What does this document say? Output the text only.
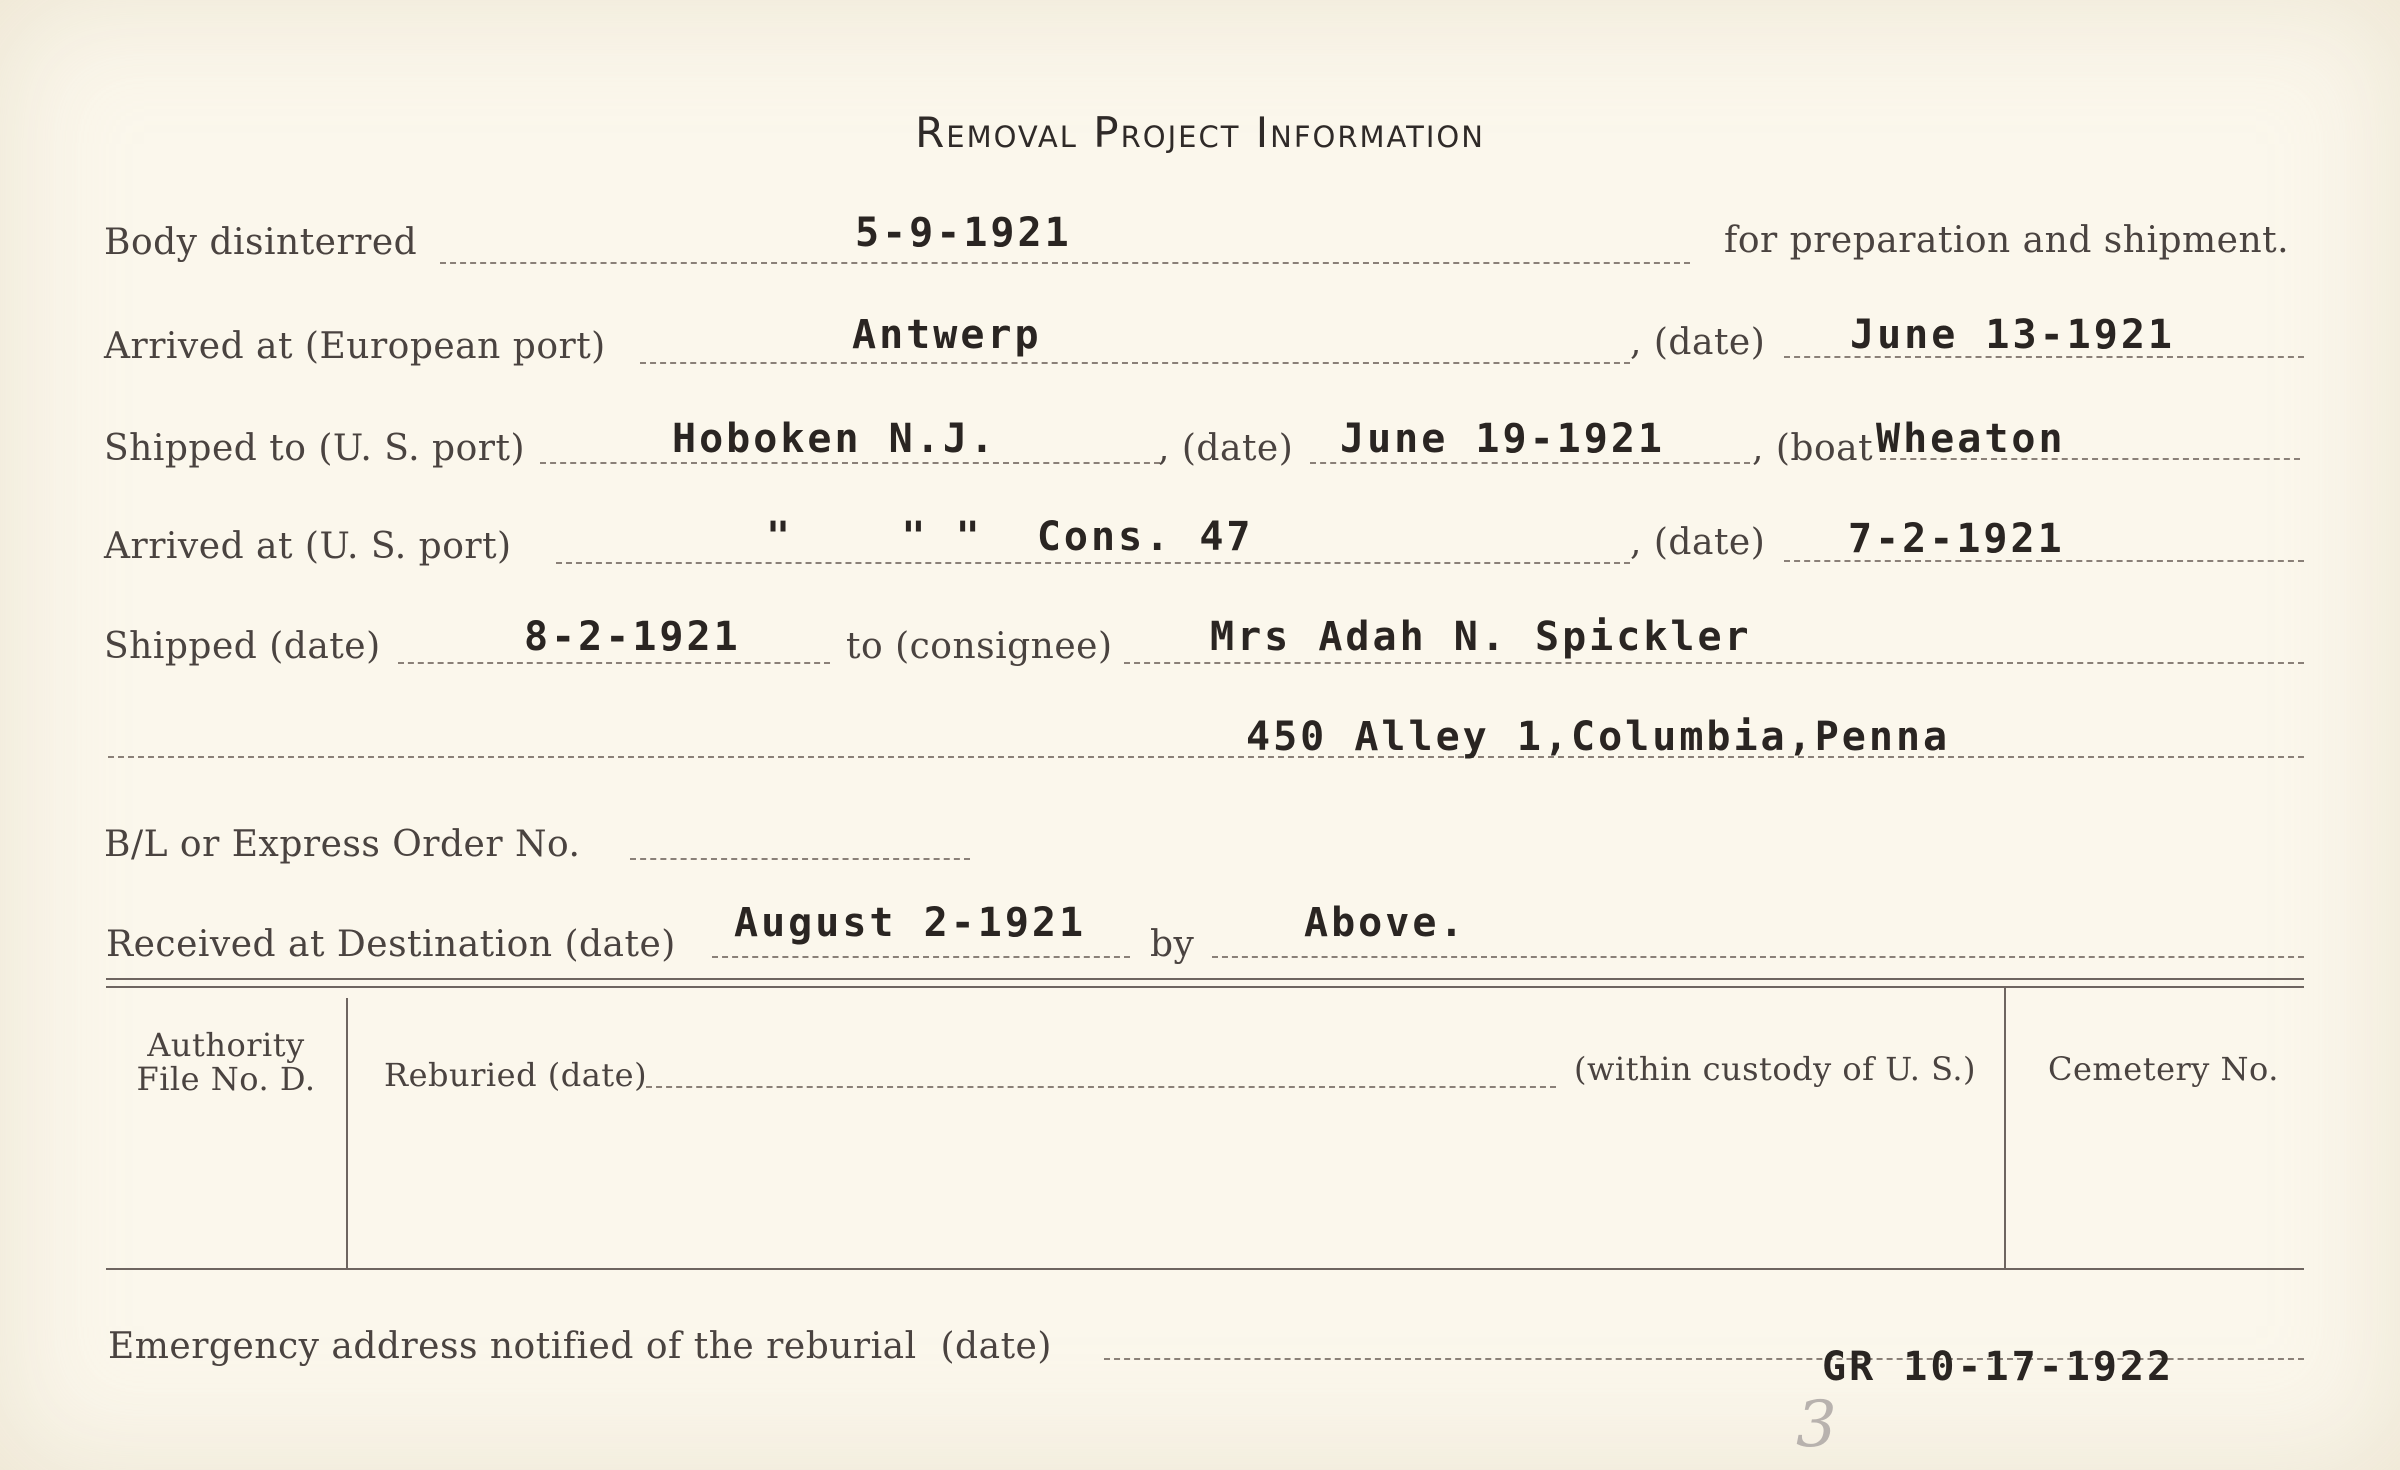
Removal Project Information
Body disinterred	5-9-1921	for preparation and shipment.
Arrived at (European port)	Antwerp	, (date) June 13-1921
Shipped to (U. S. port)	Hoboken N.J.	, (date) June 19-1921 , (boat Wheaton
Arrived at (U. S. port)	"    " "  Cons. 47	, (date) 7-2-1921
Shipped (date)	8-2-1921	to (consignee) Mrs Adah N. Spickler
450 Alley 1,Columbia,Penna
B/L or Express Order No.
Received at Destination (date) August 2-1921 by	Above.
Authority
File No. D.	Reburied (date)	(within custody of U. S.) Cemetery No.
Emergency address notified of the reburial  (date)	GR 10-17-1922
3
